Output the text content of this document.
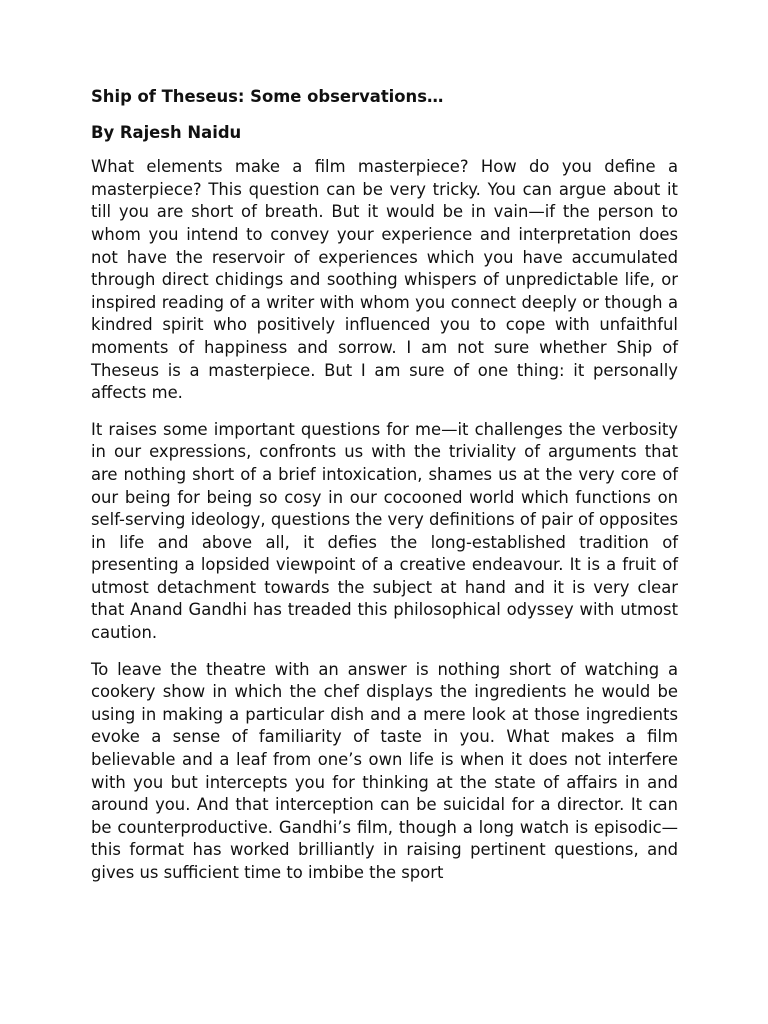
Ship of Theseus: Some observations…
By Rajesh Naidu

What elements make a film masterpiece? How do you define a masterpiece? This question can be very tricky. You can argue about it till you are short of breath. But it would be in vain—if the person to whom you intend to convey your experience and interpretation does not have the reservoir of experiences which you have accumulated through direct chidings and soothing whispers of unpredictable life, or inspired reading of a writer with whom you connect deeply or though a kindred spirit who positively influenced you to cope with unfaithful moments of happiness and sorrow. I am not sure whether Ship of Theseus is a masterpiece. But I am sure of one thing: it personally affects me.

It raises some important questions for me—it challenges the verbosity in our expressions, confronts us with the triviality of arguments that are nothing short of a brief intoxication, shames us at the very core of our being for being so cosy in our cocooned world which functions on self-serving ideology, questions the very definitions of pair of opposites in life and above all, it defies the long-established tradition of presenting a lopsided viewpoint of a creative endeavour. It is a fruit of utmost detachment towards the subject at hand and it is very clear that Anand Gandhi has treaded this philosophical odyssey with utmost caution.

To leave the theatre with an answer is nothing short of watching a cookery show in which the chef displays the ingredients he would be using in making a particular dish and a mere look at those ingredients evoke a sense of familiarity of taste in you. What makes a film believable and a leaf from one’s own life is when it does not interfere with you but intercepts you for thinking at the state of affairs in and around you. And that interception can be suicidal for a director. It can be counterproductive. Gandhi’s film, though a long watch is episodic—this format has worked brilliantly in raising pertinent questions, and gives us sufficient time to imbibe the sport
